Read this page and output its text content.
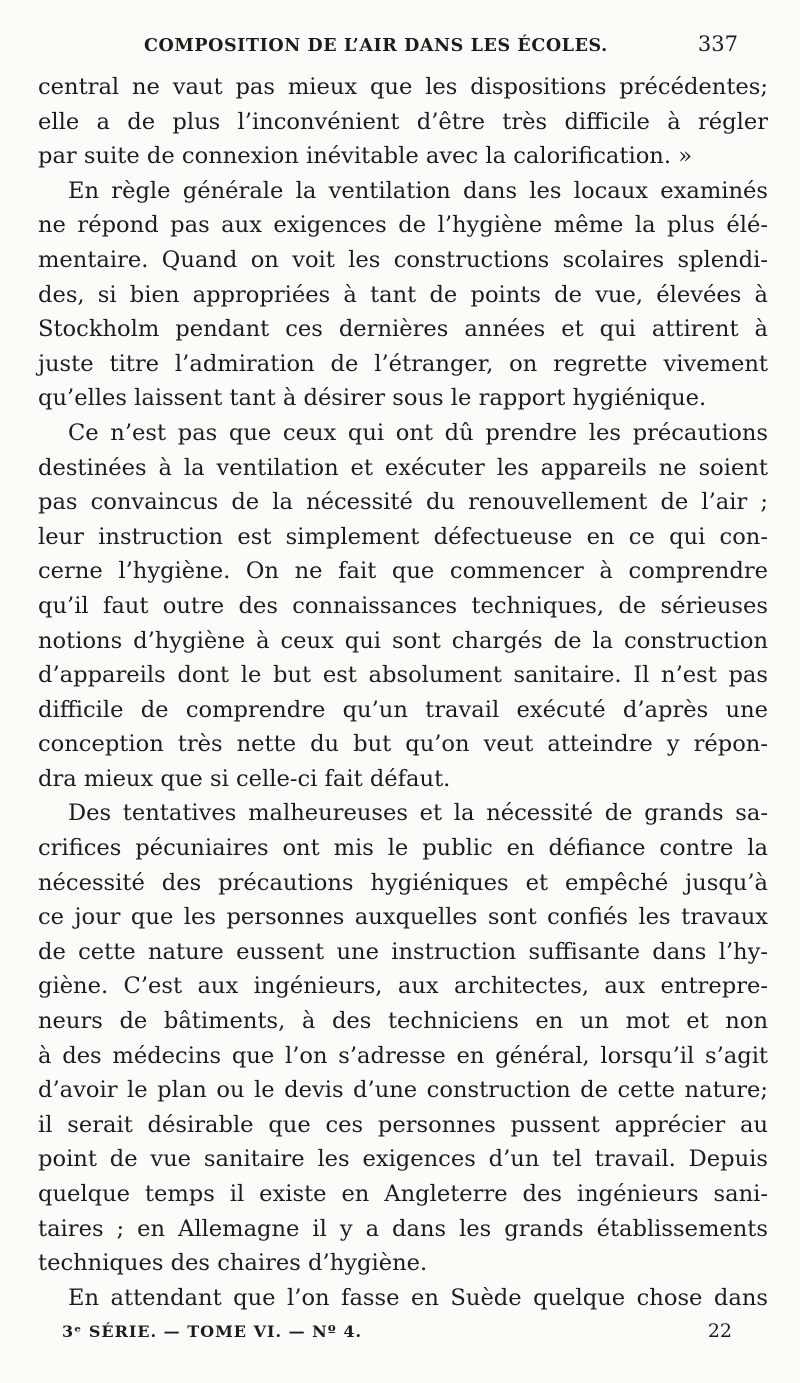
COMPOSITION DE L’AIR DANS LES ÉCOLES.	337
central ne vaut pas mieux que les dispositions précédentes;
elle a de plus l’inconvénient d’être très difficile à régler
par suite de connexion inévitable avec la calorification. »
En règle générale la ventilation dans les locaux examinés
ne répond pas aux exigences de l’hygiène même la plus élé-
mentaire. Quand on voit les constructions scolaires splendi-
des, si bien appropriées à tant de points de vue, élevées à
Stockholm pendant ces dernières années et qui attirent à
juste titre l’admiration de l’étranger, on regrette vivement
qu’elles laissent tant à désirer sous le rapport hygiénique.
Ce n’est pas que ceux qui ont dû prendre les précautions
destinées à la ventilation et exécuter les appareils ne soient
pas convaincus de la nécessité du renouvellement de l’air ;
leur instruction est simplement défectueuse en ce qui con-
cerne l’hygiène. On ne fait que commencer à comprendre
qu’il faut outre des connaissances techniques, de sérieuses
notions d’hygiène à ceux qui sont chargés de la construction
d’appareils dont le but est absolument sanitaire. Il n’est pas
difficile de comprendre qu’un travail exécuté d’après une
conception très nette du but qu’on veut atteindre y répon-
dra mieux que si celle-ci fait défaut.
Des tentatives malheureuses et la nécessité de grands sa-
crifices pécuniaires ont mis le public en défiance contre la
nécessité des précautions hygiéniques et empêché jusqu’à
ce jour que les personnes auxquelles sont confiés les travaux
de cette nature eussent une instruction suffisante dans l’hy-
giène. C’est aux ingénieurs, aux architectes, aux entrepre-
neurs de bâtiments, à des techniciens en un mot et non
à des médecins que l’on s’adresse en général, lorsqu’il s’agit
d’avoir le plan ou le devis d’une construction de cette nature;
il serait désirable que ces personnes pussent apprécier au
point de vue sanitaire les exigences d’un tel travail. Depuis
quelque temps il existe en Angleterre des ingénieurs sani-
taires ; en Allemagne il y a dans les grands établissements
techniques des chaires d’hygiène.
En attendant que l’on fasse en Suède quelque chose dans
3ᵉ SÉRIE. — TOME VI. — Nº 4.	22
